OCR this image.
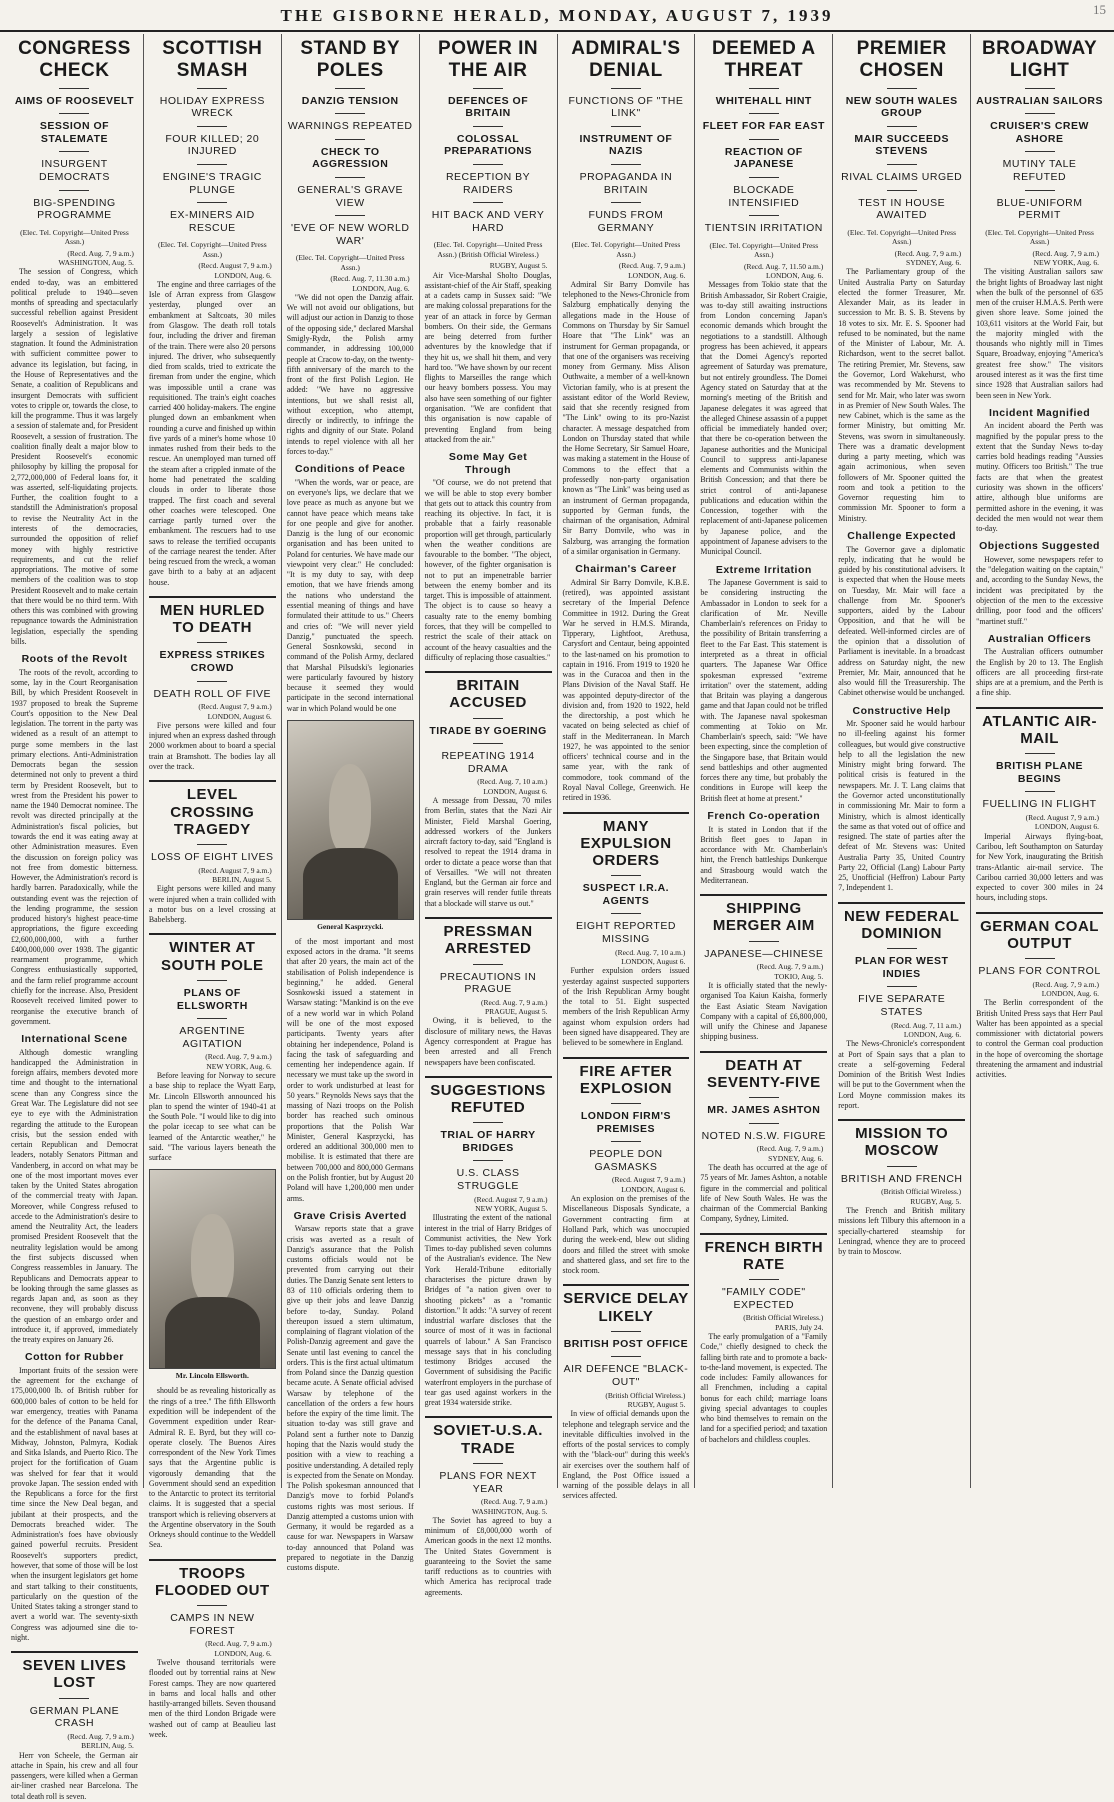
THE GISBORNE HERALD, MONDAY, AUGUST 7, 1939	15
CONGRESS CHECK
AIMS OF ROOSEVELT
SESSION OF STALEMATE
INSURGENT DEMOCRATS
BIG-SPENDING PROGRAMME
(Elec. Tel. Copyright—United Press Assn.)
(Recd. Aug. 7, 9 a.m.)
WASHINGTON, Aug. 5.

The session of Congress, which ended to-day, was an embittered political prelude to 1940—seven months of spreading and spectacularly successful rebellion against President Roosevelt's Administration. It was largely a session of legislative stagnation. It found the Administration with sufficient committee power to advance its legislation, but facing, in the House of Representatives and the Senate, a coalition of Republicans and insurgent Democrats with sufficient votes to cripple or, towards the close, to kill the programme. Thus it was largely a session of stalemate and, for President Roosevelt, a session of frustration. The coalition finally dealt a major blow to President Roosevelt's economic philosophy by killing the proposal for 2,772,000,000 of Federal loans for, it was asserted, self-liquidating projects. Further, the coalition fought to a standstill the Administration's proposal to revise the Neutrality Act in the interests of the democracies, surrounded the opposition of relief money with highly restrictive requirements, and cut the relief appropriations. The motive of some members of the coalition was to stop President Roosevelt and to make certain that there would be no third term. With others this was combined with growing repugnance towards the Administration legislation, especially the spending bills.

Roots of the Revolt

The roots of the revolt, according to some, lay in the Court Reorganisation Bill, by which President Roosevelt in 1937 proposed to break the Supreme Court's opposition to the New Deal legislation. The torrent in the party was widened as a result of an attempt to purge some members in the last primary elections. Anti-Administration Democrats began the session determined not only to prevent a third term by President Roosevelt, but to wrest from the President his power to name the 1940 Democrat nominee. The revolt was directed principally at the Administration's fiscal policies, but towards the end it was eating away at other Administration measures. Even the discussion on foreign policy was not free from domestic bitterness. However, the Administration's record is hardly barren. Paradoxically, while the outstanding event was the rejection of the lending programme, the session produced history's highest peace-time appropriations, the figure exceeding £2,600,000,000, with a further £400,000,000 over 1938. The gigantic rearmament programme, which Congress enthusiastically supported, and the farm relief programme account chiefly for the increase. Also, President Roosevelt received limited power to reorganise the executive branch of government.

International Scene

Although domestic wrangling handicapped the Administration in foreign affairs, members devoted more time and thought to the international scene than any Congress since the Great War. The Legislature did not see eye to eye with the Administration regarding the attitude to the European crisis, but the session ended with certain Republican and Democrat leaders, notably Senators Pittman and Vandenberg, in accord on what may be one of the most important moves ever taken by the United States abrogation of the commercial treaty with Japan. Moreover, while Congress refused to accede to the Administration's desire to amend the Neutrality Act, the leaders promised President Roosevelt that the neutrality legislation would be among the first subjects discussed when Congress reassembles in January. The Republicans and Democrats appear to be looking through the same glasses as regards Japan and, as soon as they reconvene, they will probably discuss the question of an embargo order and introduce it, if approved, immediately the treaty expires on January 26.

Cotton for Rubber

Important fruits of the session were the agreement for the exchange of 175,000,000 lb. of British rubber for 600,000 bales of cotton to be held for war emergency, treaties with Panama for the defence of the Panama Canal, and the establishment of naval bases at Midway, Johnston, Palmyra, Kodiak and Sitka Islands, and Puerto Rico. The project for the fortification of Guam was shelved for fear that it would provoke Japan. The session ended with the Republicans a force for the first time since the New Deal began, and jubilant at their prospects, and the Democrats breached wider. The Administration's foes have obviously gained powerful recruits. President Roosevelt's supporters predict, however, that some of those will be lost when the insurgent legislators get home and start talking to their constituents, particularly on the question of the United States taking a stronger stand to avert a world war. The seventy-sixth Congress was adjourned sine die to-night.

SEVEN LIVES LOST
GERMAN PLANE CRASH
(Recd. Aug. 7, 9 a.m.)
BERLIN, Aug. 5.

Herr von Scheele, the German air attache in Spain, his crew and all four passengers, were killed when a German air-liner crashed near Barcelona. The total death roll is seven.

SCOTTISH SMASH
HOLIDAY EXPRESS WRECK
FOUR KILLED; 20 INJURED
ENGINE'S TRAGIC PLUNGE
EX-MINERS AID RESCUE
(Elec. Tel. Copyright—United Press Assn.)
(Recd. August 7, 9 a.m.)
LONDON, Aug. 6.

The engine and three carriages of the Isle of Arran express from Glasgow yesterday, plunged over an embankment at Saltcoats, 30 miles from Glasgow. The death roll totals four, including the driver and fireman of the train. There were also 20 persons injured. The driver, who subsequently died from scalds, tried to extricate the fireman from under the engine, which was impossible until a crane was requisitioned. The train's eight coaches carried 400 holiday-makers. The engine plunged down an embankment when rounding a curve and finished up within five yards of a miner's home whose 10 inmates rushed from their beds to the rescue. An unemployed man turned off the steam after a crippled inmate of the home had penetrated the scalding clouds in order to liberate those trapped. The first coach and several other coaches were telescoped. One carriage partly turned over the embankment. The rescuers had to use saws to release the terrified occupants of the carriage nearest the tender. After being rescued from the wreck, a woman gave birth to a baby at an adjacent house.

MEN HURLED TO DEATH
EXPRESS STRIKES CROWD
DEATH ROLL OF FIVE
(Recd. August 7, 9 a.m.)
LONDON, August 6.

Five persons were killed and four injured when an express dashed through 2000 workmen about to board a special train at Bramshott. The bodies lay all over the track.

LEVEL CROSSING TRAGEDY
LOSS OF EIGHT LIVES
(Recd. August 7, 9 a.m.)
BERLIN, August 5.

Eight persons were killed and many were injured when a train collided with a motor bus on a level crossing at Babelsberg.

WINTER AT SOUTH POLE
PLANS OF ELLSWORTH
ARGENTINE AGITATION
(Recd. Aug. 7, 9 a.m.)
NEW YORK, Aug. 6.

Before leaving for Norway to secure a base ship to replace the Wyatt Earp, Mr. Lincoln Ellsworth announced his plan to spend the winter of 1940-41 at the South Pole. "I would like to dig into the polar icecap to see what can be learned of the Antarctic weather," he said. "The various layers beneath the surface

Mr. Lincoln Ellsworth.

should be as revealing historically as the rings of a tree." The fifth Ellsworth expedition will be independent of the Government expedition under Rear-Admiral R. E. Byrd, but they will co-operate closely. The Buenos Aires correspondent of the New York Times says that the Argentine public is vigorously demanding that the Government should send an expedition to the Antarctic to protect its territorial claims. It is suggested that a special transport which is relieving observers at the Argentine observatory in the South Orkneys should continue to the Weddell Sea.

TROOPS FLOODED OUT
CAMPS IN NEW FOREST
(Recd. Aug. 7, 9 a.m.)
LONDON, Aug. 6.

Twelve thousand territorials were flooded out by torrential rains at New Forest camps. They are now quartered in barns and local halls and other hastily-arranged billets. Seven thousand men of the third London Brigade were washed out of camp at Beaulieu last week.

STAND BY POLES
DANZIG TENSION
WARNINGS REPEATED
CHECK TO AGGRESSION
GENERAL'S GRAVE VIEW
'EVE OF NEW WORLD WAR'
(Elec. Tel. Copyright—United Press Assn.)
(Recd. Aug. 7, 11.30 a.m.)
LONDON, Aug. 6.

"We did not open the Danzig affair. We will not avoid our obligations, but will adjust our action in Danzig to those of the opposing side," declared Marshal Smigly-Rydz, the Polish army commander, in addressing 100,000 people at Cracow to-day, on the twenty-fifth anniversary of the march to the front of the first Polish Legion. He added: "We have no aggressive intentions, but we shall resist all, without exception, who attempt, directly or indirectly, to infringe the rights and dignity of our State. Poland intends to repel violence with all her forces to-day."

Conditions of Peace

"When the words, war or peace, are on everyone's lips, we declare that we love peace as much as anyone but we cannot have peace which means take for one people and give for another. Danzig is the lung of our economic organisation and has been united to Poland for centuries. We have made our viewpoint very clear." He concluded: "It is my duty to say, with deep emotion, that we have friends among the nations who understand the essential meaning of things and have formulated their attitude to us." Cheers and cries of: "We will never yield Danzig," punctuated the speech. General Sosnkowski, second in command of the Polish Army, declared that Marshal Pilsudski's legionaries were particularly favoured by history because it seemed they would participate in the second international war in which Poland would be one

General Kasprzycki.

of the most important and most exposed actors in the drama. "It seems that after 20 years, the main act of the stabilisation of Polish independence is beginning," he added. General Sosnkowski issued a statement in Warsaw stating: "Mankind is on the eve of a new world war in which Poland will be one of the most exposed participants. Twenty years after obtaining her independence, Poland is facing the task of safeguarding and cementing her independence again. If necessary we must take up the sword in order to work undisturbed at least for 50 years." Reynolds News says that the massing of Nazi troops on the Polish border has reached such ominous proportions that the Polish War Minister, General Kasprzycki, has ordered an additional 300,000 men to mobilise. It is estimated that there are between 700,000 and 800,000 Germans on the Polish frontier, but by August 20 Poland will have 1,200,000 men under arms.

Grave Crisis Averted

Warsaw reports state that a grave crisis was averted as a result of Danzig's assurance that the Polish customs officials would not be prevented from carrying out their duties. The Danzig Senate sent letters to 83 of 110 officials ordering them to give up their jobs and leave Danzig before to-day, Sunday. Poland thereupon issued a stern ultimatum, complaining of flagrant violation of the Polish-Danzig agreement and gave the Senate until last evening to cancel the orders. This is the first actual ultimatum from Poland since the Danzig question became acute. A Senate official advised Warsaw by telephone of the cancellation of the orders a few hours before the expiry of the time limit. The situation to-day was still grave and Poland sent a further note to Danzig hoping that the Nazis would study the position with a view to reaching a positive understanding. A detailed reply is expected from the Senate on Monday. The Polish spokesman announced that Danzig's move to forbid Poland's customs rights was most serious. If Danzig attempted a customs union with Germany, it would be regarded as a cause for war. Newspapers in Warsaw to-day announced that Poland was prepared to negotiate in the Danzig customs dispute.

POWER IN THE AIR
DEFENCES OF BRITAIN
COLOSSAL PREPARATIONS
RECEPTION BY RAIDERS
HIT BACK AND VERY HARD
(Elec. Tel. Copyright—United Press Assn.) (British Official Wireless.)
RUGBY, August 5.

Air Vice-Marshal Sholto Douglas, assistant-chief of the Air Staff, speaking at a cadets camp in Sussex said: "We are making colossal preparations for the year of an attack in force by German bombers. On their side, the Germans are being deterred from further adventures by the knowledge that if they hit us, we shall hit them, and very hard too. "We have shown by our recent flights to Marseilles the range which our heavy bombers possess. You may also have seen something of our fighter organisation. "We are confident that this organisation is now capable of preventing England from being attacked from the air."

Some May Get Through

"Of course, we do not pretend that we will be able to stop every bomber that gets out to attack this country from reaching its objective. In fact, it is probable that a fairly reasonable proportion will get through, particularly when the weather conditions are favourable to the bomber. "The object, however, of the fighter organisation is not to put an impenetrable barrier between the enemy bomber and its target. This is impossible of attainment. The object is to cause so heavy a casualty rate to the enemy bombing forces, that they will be compelled to restrict the scale of their attack on account of the heavy casualties and the difficulty of replacing those casualties."

BRITAIN ACCUSED
TIRADE BY GOERING
REPEATING 1914 DRAMA
(Recd. Aug. 7, 10 a.m.)
LONDON, August 6.

A message from Dessau, 70 miles from Berlin, states that the Nazi Air Minister, Field Marshal Goering, addressed workers of the Junkers aircraft factory to-day, said "England is resolved to repeat the 1914 drama in order to dictate a peace worse than that of Versailles. "We will not threaten England, but the German air force and grain reserves will render futile threats that a blockade will starve us out."

PRESSMAN ARRESTED
PRECAUTIONS IN PRAGUE
(Recd. Aug. 7, 9 a.m.)
PRAGUE, August 5.

Owing, it is believed, to the disclosure of military news, the Havas Agency correspondent at Prague has been arrested and all French newspapers have been confiscated.

SUGGESTIONS REFUTED
TRIAL OF HARRY BRIDGES
U.S. CLASS STRUGGLE
(Recd. August 7, 9 a.m.)
NEW YORK, August 5.

Illustrating the extent of the national interest in the trial of Harry Bridges of Communist activities, the New York Times to-day published seven columns of the Australian's evidence. The New York Herald-Tribune editorially characterises the picture drawn by Bridges of "a nation given over to shooting pickets" as a "romantic distortion." It adds: "A survey of recent industrial warfare discloses that the source of most of it was in factional quarrels of labour." A San Francisco message says that in his concluding testimony Bridges accused the Government of subsidising the Pacific waterfront employers in the purchase of tear gas used against workers in the great 1934 waterside strike.

SOVIET-U.S.A. TRADE
PLANS FOR NEXT YEAR
(Recd. Aug. 7, 9 a.m.)
WASHINGTON, Aug. 5.

The Soviet has agreed to buy a minimum of £8,000,000 worth of American goods in the next 12 months. The United States Government is guaranteeing to the Soviet the same tariff reductions as to countries with which America has reciprocal trade agreements.

ADMIRAL'S DENIAL
FUNCTIONS OF "THE LINK"
INSTRUMENT OF NAZIS
PROPAGANDA IN BRITAIN
FUNDS FROM GERMANY
(Elec. Tel. Copyright—United Press Assn.)
(Recd. Aug. 7, 9 a.m.)
LONDON, Aug. 6.

Admiral Sir Barry Domvile has telephoned to the News-Chronicle from Salzburg emphatically denying the allegations made in the House of Commons on Thursday by Sir Samuel Hoare that "The Link" was an instrument for German propaganda, or that one of the organisers was receiving money from Germany. Miss Alison Outhwaite, a member of a well-known Victorian family, who is at present the assistant editor of the World Review, said that she recently resigned from "The Link" owing to its pro-Nazist character. A message despatched from London on Thursday stated that while the Home Secretary, Sir Samuel Hoare, was making a statement in the House of Commons to the effect that a professedly non-party organisation known as "The Link" was being used as an instrument of German propaganda, supported by German funds, the chairman of the organisation, Admiral Sir Barry Domvile, who was in Salzburg, was arranging the formation of a similar organisation in Germany.

Chairman's Career

Admiral Sir Barry Domvile, K.B.E. (retired), was appointed assistant secretary of the Imperial Defence Committee in 1912. During the Great War he served in H.M.S. Miranda, Tipperary, Lightfoot, Arethusa, Carysfort and Centaur, being appointed to the last-named on his promotion to captain in 1916. From 1919 to 1920 he was in the Curacoa and then in the Plans Division of the Naval Staff. He was appointed deputy-director of the division and, from 1920 to 1922, held the directorship, a post which he vacated on being selected as chief of staff in the Mediterranean. In March 1927, he was appointed to the senior officers' technical course and in the same year, with the rank of commodore, took command of the Royal Naval College, Greenwich. He retired in 1936.

MANY EXPULSION ORDERS
SUSPECT I.R.A. AGENTS
EIGHT REPORTED MISSING
(Recd. Aug. 7, 10 a.m.)
LONDON, August 6.

Further expulsion orders issued yesterday against suspected supporters of the Irish Republican Army bought the total to 51. Eight suspected members of the Irish Republican Army against whom expulsion orders had been signed have disappeared. They are believed to be somewhere in England.

FIRE AFTER EXPLOSION
LONDON FIRM'S PREMISES
PEOPLE DON GASMASKS
(Recd. August 7, 9 a.m.)
LONDON, August 6.

An explosion on the premises of the Miscellaneous Disposals Syndicate, a Government contracting firm at Holland Park, which was unoccupied during the week-end, blew out sliding doors and filled the street with smoke and shattered glass, and set fire to the stock room.

SERVICE DELAY LIKELY
BRITISH POST OFFICE
AIR DEFENCE "BLACK-OUT"
(British Official Wireless.)
RUGBY, August 5.

In view of official demands upon the telephone and telegraph service and the inevitable difficulties involved in the efforts of the postal services to comply with the "black-out" during this week's air exercises over the southern half of England, the Post Office issued a warning of the possible delays in all services affected.

DEEMED A THREAT
WHITEHALL HINT
FLEET FOR FAR EAST
REACTION OF JAPANESE
BLOCKADE INTENSIFIED
TIENTSIN IRRITATION
(Elec. Tel. Copyright—United Press Assn.)
(Recd. Aug. 7, 11.50 a.m.)
LONDON, Aug. 6.

Messages from Tokio state that the British Ambassador, Sir Robert Craigie, was to-day still awaiting instructions from London concerning Japan's economic demands which brought the negotiations to a standstill. Although progress has been achieved, it appears that the Domei Agency's reported agreement of Saturday was premature, but not entirely groundless. The Domei Agency stated on Saturday that at the morning's meeting of the British and Japanese delegates it was agreed that the alleged Chinese assassin of a puppet official be immediately handed over; that there be co-operation between the Japanese authorities and the Municipal Council to suppress anti-Japanese elements and Communists within the British Concession; and that there be strict control of anti-Japanese publications and education within the Concession, together with the replacement of anti-Japanese policemen by Japanese police, and the appointment of Japanese advisers to the Municipal Council.

Extreme Irritation

The Japanese Government is said to be considering instructing the Ambassador in London to seek for a clarification of Mr. Neville Chamberlain's references on Friday to the possibility of Britain transferring a fleet to the Far East. This statement is interpreted as a threat in official quarters. The Japanese War Office spokesman expressed "extreme irritation" over the statement, adding that Britain was playing a dangerous game and that Japan could not be trifled with. The Japanese naval spokesman commenting at Tokio on Mr. Chamberlain's speech, said: "We have been expecting, since the completion of the Singapore base, that Britain would send battleships and other augmented forces there any time, but probably the conditions in Europe will keep the British fleet at home at present."

French Co-operation

It is stated in London that if the British fleet goes to Japan in accordance with Mr. Chamberlain's hint, the French battleships Dunkerque and Strasbourg would watch the Mediterranean.

SHIPPING MERGER AIM
JAPANESE—CHINESE
(Recd. Aug. 7, 9 a.m.)
TOKIO, Aug. 5.

It is officially stated that the newly-organised Toa Kaiun Kaisha, formerly the East Asiatic Steam Navigation Company with a capital of £6,800,000, will unify the Chinese and Japanese shipping business.

DEATH AT SEVENTY-FIVE
MR. JAMES ASHTON
NOTED N.S.W. FIGURE
(Recd. Aug. 7, 9 a.m.)
SYDNEY, Aug. 6.

The death has occurred at the age of 75 years of Mr. James Ashton, a notable figure in the commercial and political life of New South Wales. He was the chairman of the Commercial Banking Company, Sydney, Limited.

FRENCH BIRTH RATE
"FAMILY CODE" EXPECTED
(British Official Wireless.)
PARIS, July 24.

The early promulgation of a "Family Code," chiefly designed to check the falling birth rate and to promote a back-to-the-land movement, is expected. The code includes: Family allowances for all Frenchmen, including a capital bonus for each child; marriage loans giving special advantages to couples who bind themselves to remain on the land for a specified period; and taxation of bachelors and childless couples.

PREMIER CHOSEN
NEW SOUTH WALES GROUP
MAIR SUCCEEDS STEVENS
RIVAL CLAIMS URGED
TEST IN HOUSE AWAITED
(Elec. Tel. Copyright—United Press Assn.)
(Recd. Aug. 7, 9 a.m.)
SYDNEY, Aug. 6.

The Parliamentary group of the United Australia Party on Saturday elected the former Treasurer, Mr. Alexander Mair, as its leader in succession to Mr. B. S. B. Stevens by 18 votes to six. Mr. E. S. Spooner had refused to be nominated, but the name of the Minister of Labour, Mr. A. Richardson, went to the secret ballot. The retiring Premier, Mr. Stevens, saw the Governor, Lord Wakehurst, who was recommended by Mr. Stevens to send for Mr. Mair, who later was sworn in as Premier of New South Wales. The new Cabinet, which is the same as the former Ministry, but omitting Mr. Stevens, was sworn in simultaneously. There was a dramatic development during a party meeting, which was again acrimonious, when seven followers of Mr. Spooner quitted the room and took a petition to the Governor requesting him to commission Mr. Spooner to form a Ministry.

Challenge Expected

The Governor gave a diplomatic reply, indicating that he would be guided by his constitutional advisers. It is expected that when the House meets on Tuesday, Mr. Mair will face a challenge from Mr. Spooner's supporters, aided by the Labour Opposition, and that he will be defeated. Well-informed circles are of the opinion that a dissolution of Parliament is inevitable. In a broadcast address on Saturday night, the new Premier, Mr. Mair, announced that he also would fill the Treasurership. The Cabinet otherwise would be unchanged.

Constructive Help

Mr. Spooner said he would harbour no ill-feeling against his former colleagues, but would give constructive help to all the legislation the new Ministry might bring forward. The political crisis is featured in the newspapers. Mr. J. T. Lang claims that the Governor acted unconstitutionally in commissioning Mr. Mair to form a Ministry, which is almost identically the same as that voted out of office and resigned. The state of parties after the defeat of Mr. Stevens was: United Australia Party 35, United Country Party 22, Official (Lang) Labour Party 25, Unofficial (Heffron) Labour Party 7, Independent 1.

NEW FEDERAL DOMINION
PLAN FOR WEST INDIES
FIVE SEPARATE STATES
(Recd. Aug. 7, 11 a.m.)
LONDON, Aug. 6.

The News-Chronicle's correspondent at Port of Spain says that a plan to create a self-governing Federal Dominion of the British West Indies will be put to the Government when the Lord Moyne commission makes its report.

MISSION TO MOSCOW
BRITISH AND FRENCH
(British Official Wireless.)
RUGBY, Aug. 5.

The French and British military missions left Tilbury this afternoon in a specially-chartered steamship for Leningrad, whence they are to proceed by train to Moscow.

BROADWAY LIGHT
AUSTRALIAN SAILORS
CRUISER'S CREW ASHORE
MUTINY TALE REFUTED
BLUE-UNIFORM PERMIT
(Elec. Tel. Copyright—United Press Assn.)
(Recd. Aug. 7, 9 a.m.)
NEW YORK, Aug. 6.

The visiting Australian sailors saw the bright lights of Broadway last night when the bulk of the personnel of 635 men of the cruiser H.M.A.S. Perth were given shore leave. Some joined the 103,611 visitors at the World Fair, but the majority mingled with the thousands who nightly mill in Times Square, Broadway, enjoying "America's greatest free show." The visitors aroused interest as it was the first time since 1928 that Australian sailors had been seen in New York.

Incident Magnified

An incident aboard the Perth was magnified by the popular press to the extent that the Sunday News to-day carries bold headings reading "Aussies mutiny. Officers too British." The true facts are that when the greatest curiosity was shown in the officers' attire, although blue uniforms are permitted ashore in the evening, it was decided the men would not wear them to-day.

Objections Suggested

However, some newspapers refer to the "delegation waiting on the captain," and, according to the Sunday News, the incident was precipitated by the objection of the men to the excessive drilling, poor food and the officers' "martinet stuff."

Australian Officers

The Australian officers outnumber the English by 20 to 13. The English officers are all proceeding first-rate ships are at a premium, and the Perth is a fine ship.

ATLANTIC AIR-MAIL
BRITISH PLANE BEGINS
FUELLING IN FLIGHT
(Recd. August 7, 9 a.m.)
LONDON, August 6.

Imperial Airways flying-boat, Caribou, left Southampton on Saturday for New York, inaugurating the British trans-Atlantic air-mail service. The Caribou carried 30,000 letters and was expected to cover 300 miles in 24 hours, including stops.

GERMAN COAL OUTPUT
PLANS FOR CONTROL
(Recd. Aug. 7, 9 a.m.)
LONDON, Aug. 6.

The Berlin correspondent of the British United Press says that Herr Paul Walter has been appointed as a special commissioner with dictatorial powers to control the German coal production in the hope of overcoming the shortage threatening the armament and industrial activities.
